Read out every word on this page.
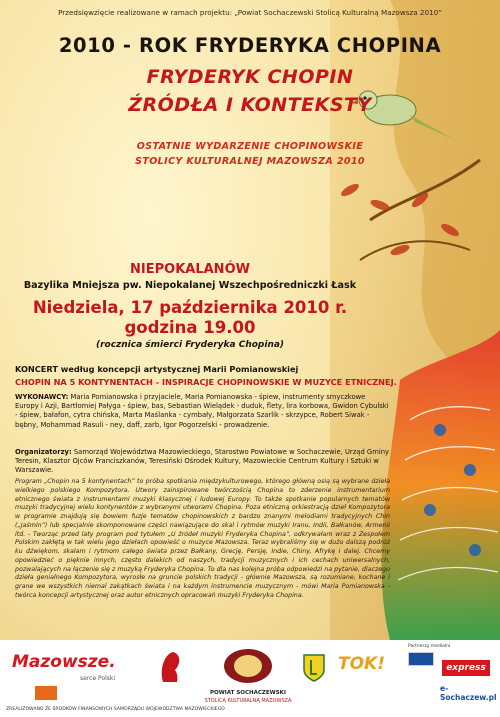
Przedsięwzięcie realizowane w ramach projektu: „Powiat Sochaczewski Stolicą Kulturalną Mazowsza 2010”
2010 - ROK FRYDERYKA CHOPINA
FRYDERYK CHOPIN
ŹRÓDŁA I KONTEKSTY
OSTATNIE WYDARZENIE CHOPINOWSKIE
STOLICY KULTURALNEJ MAZOWSZA 2010
NIEPOKALANÓW
Bazylika Mniejsza pw. Niepokalanej Wszechpośredniczki Łask
Niedziela, 17 października 2010 r.
godzina 19.00
(rocznica śmierci Fryderyka Chopina)
KONCERT według koncepcji artystycznej Marii Pomianowskiej
CHOPIN NA 5 KONTYNENTACH - INSPIRACJE CHOPINOWSKIE W MUZYCE ETNICZNEJ.
WYKONAWCY: Maria Pomianowska i przyjaciele, Maria Pomianowska - śpiew, instrumenty smyczkowe Europy i Azji, Bartłomiej Pałyga - śpiew, bas, Sebastian Wielądek - duduk, flety, lira korbowa, Gwidon Cybulski - śpiew, bałafon, cytra chińska, Marta Maślanka - cymbały, Małgorzata Szarlik - skrzypce, Robert Siwak - bębny, Mohammad Rasuli - ney, daff, zarb, Igor Pogorzelski - prowadzenie.
Organizatorzy: Samorząd Województwa Mazowieckiego, Starostwo Powiatowe w Sochaczewie, Urząd Gminy Teresin, Klasztor Ojców Franciszkanów, Teresiński Ośrodek Kultury, Mazowieckie Centrum Kultury i Sztuki w Warszawie.
Program „Chopin na 5 kontynentach” to próba spotkania międzykulturowego, którego główną osią są wybrane dzieła wielkiego polskiego Kompozytora. Utwory zainspirowane twórczością Chopina to zderzenie instrumentarium etnicznego świata z instrumentami muzyki klasycznej i ludowej Europy. To także spotkanie popularnych tematów muzyki tradycyjnej wielu kontynentów z wybranymi utworami Chopina. Poza etniczną orkiestracją dzieł Kompozytora w programie znajdują się bowiem fuzje tematów chopinowskich z bardzo znanymi melodiami tradycyjnych Chin („Jaśmin”) lub specjalnie skomponowane części nawiązujące do skal i rytmów muzyki Iranu, Indii, Bałkanów, Armenii itd. - Tworząc przed laty program pod tytułem „U źródeł muzyki Fryderyka Chopina”, odkrywałam wraz z Zespołem Polskim zakłętą w tak wielu jego dziełach opowieść o muzyce Mazowsza. Teraz wybraliśmy się w dużo dalszą podróż ku dźwiękom, skalam i rytmom całego świata przez Bałkany, Grecję, Persję, Indie, Chiny, Afrykę i dalej. Chcemy opowiedzieć o pięknie innych, często dalekich od naszych, tradycji muzycznych i ich cechach uniwersalnych, pozwalających na łączenie się z muzyką Fryderyka Chopina. To dla nas kolejna próba odpowiedzi na pytanie, dlaczego dzieła genialnego Kompozytora, wyrosłe na gruncie polskich tradycji - głównie Mazowsza, są rozumiane, kochane i grane we wszystkich niemal zakątkach świata i na każdym instrumencie muzycznym - mówi Maria Pomianowska - twórca koncepcji artystycznej oraz autor etnicznych opracowań muzyki Fryderyka Chopina.
Mazowsze.
serce Polski
POWIAT SOCHACZEWSKI
STOLICĄ KULTURALNĄ MAZOWSZA
TOK!
Partnerzy medialni
express
e-Sochaczew.pl
ZREALIZOWANO ZE ŚRODKÓW FINANSOWYCH SAMORZĄDU WOJEWÓDZTWA MAZOWIECKIEGO
